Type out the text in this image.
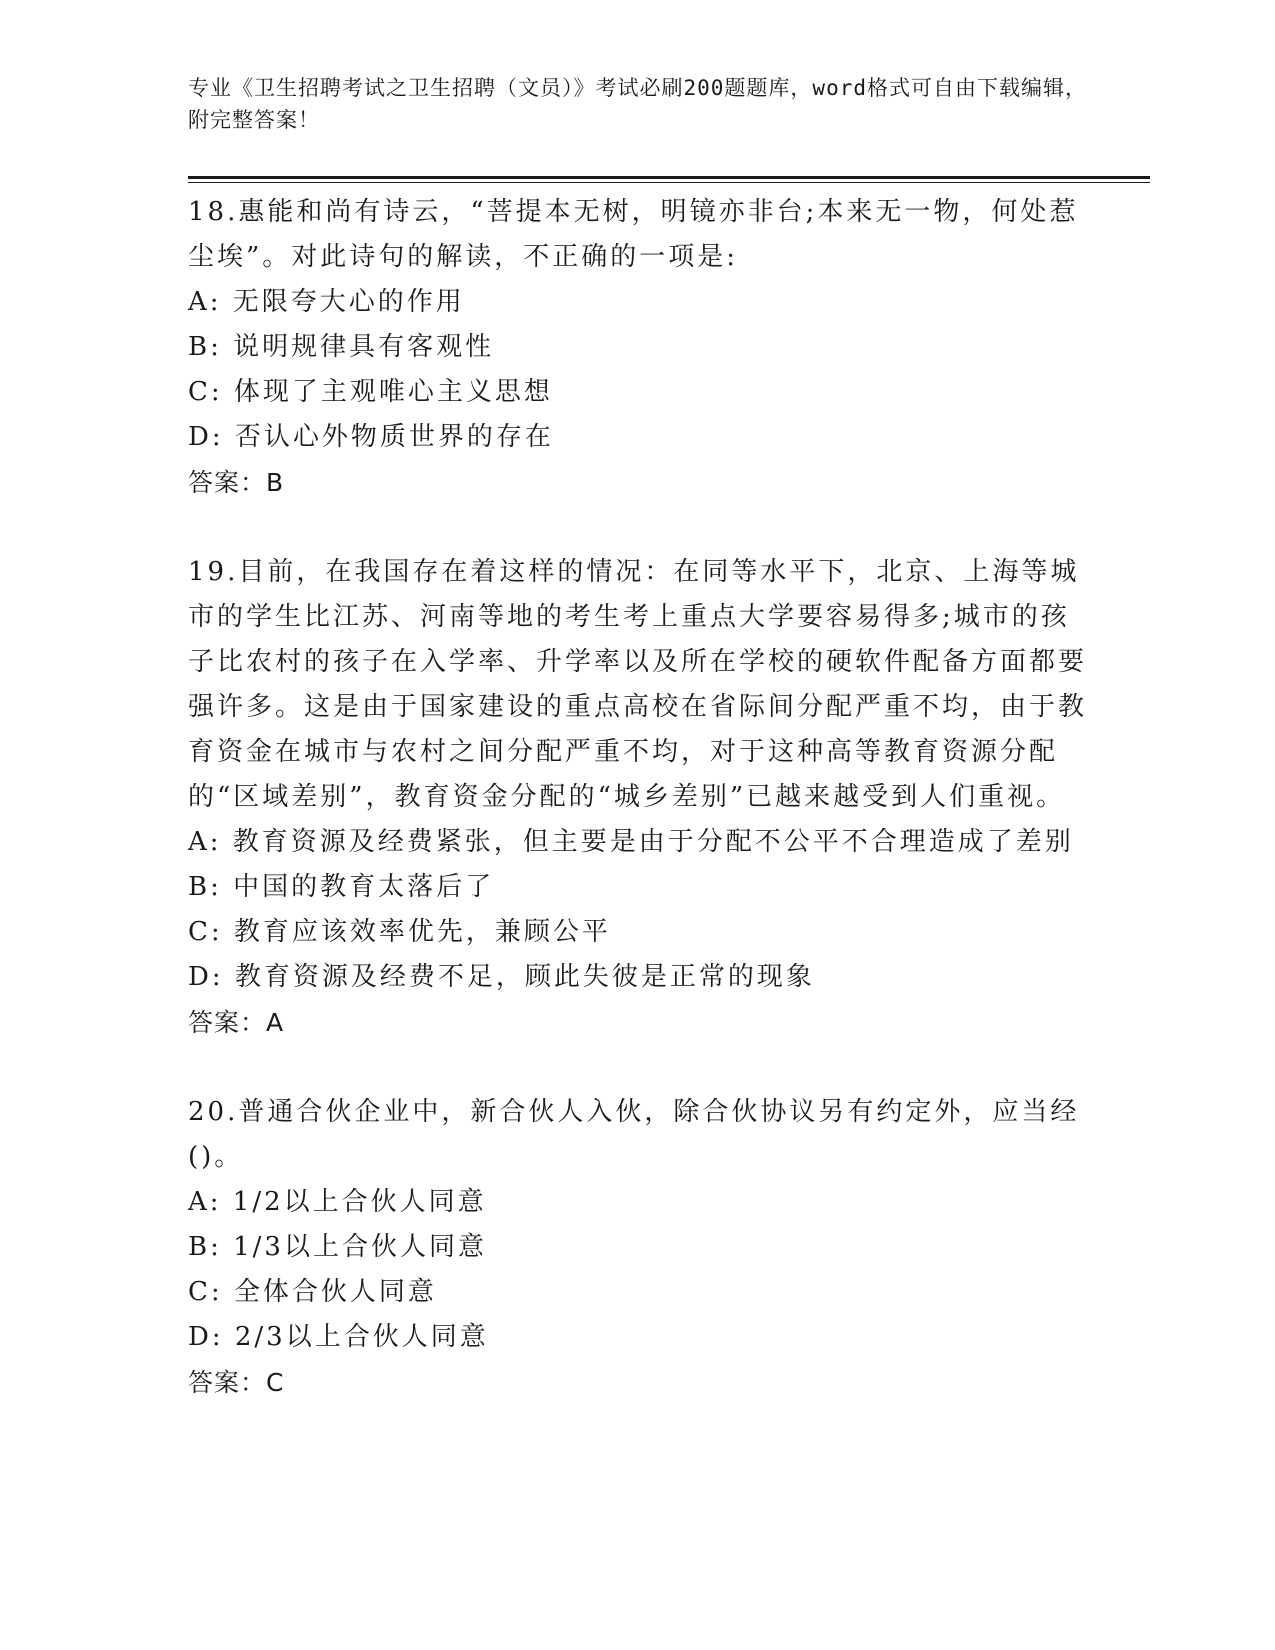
专业《卫生招聘考试之卫生招聘（文员）》考试必刷200题题库，word格式可自由下载编辑，附完整答案！

18.惠能和尚有诗云，“菩提本无树，明镜亦非台;本来无一物，何处惹尘埃”。对此诗句的解读，不正确的一项是:

A: 无限夸大心的作用

B: 说明规律具有客观性

C: 体现了主观唯心主义思想

D: 否认心外物质世界的存在

答案：B

19.目前，在我国存在着这样的情况：在同等水平下，北京、上海等城市的学生比江苏、河南等地的考生考上重点大学要容易得多;城市的孩子比农村的孩子在入学率、升学率以及所在学校的硬软件配备方面都要强许多。这是由于国家建设的重点高校在省际间分配严重不均，由于教育资金在城市与农村之间分配严重不均，对于这种高等教育资源分配的“区域差别”，教育资金分配的“城乡差别”已越来越受到人们重视。

A: 教育资源及经费紧张，但主要是由于分配不公平不合理造成了差别

B: 中国的教育太落后了

C: 教育应该效率优先，兼顾公平

D: 教育资源及经费不足，顾此失彼是正常的现象

答案：A

20.普通合伙企业中，新合伙人入伙，除合伙协议另有约定外，应当经()。

A: 1/2以上合伙人同意

B: 1/3以上合伙人同意

C: 全体合伙人同意

D: 2/3以上合伙人同意

答案：C
